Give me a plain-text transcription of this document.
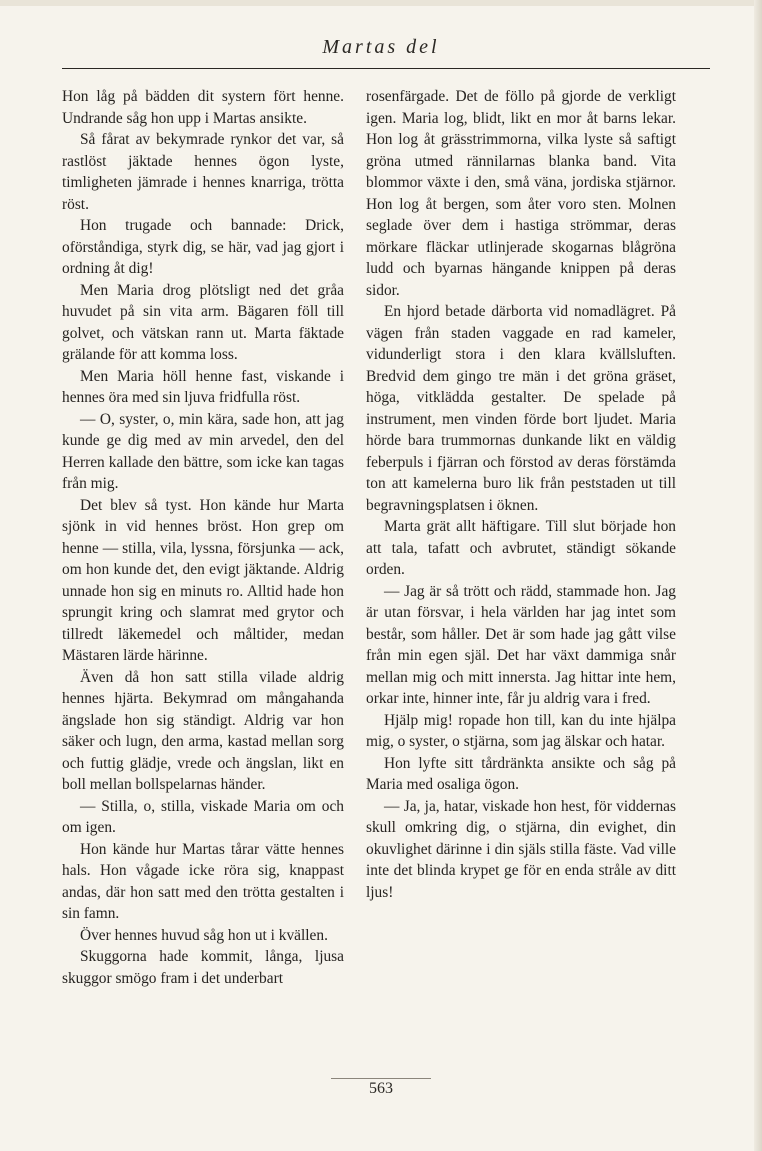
Martas del

Hon låg på bädden dit systern fört henne. Undrande såg hon upp i Martas ansikte.

Så fårat av bekymrade rynkor det var, så rastlöst jäktade hennes ögon lyste, timligheten jämrade i hennes knarriga, trötta röst.

Hon trugade och bannade: Drick, oförståndiga, styrk dig, se här, vad jag gjort i ordning åt dig!

Men Maria drog plötsligt ned det gråa huvudet på sin vita arm. Bägaren föll till golvet, och vätskan rann ut. Marta fäktade grälande för att komma loss.

Men Maria höll henne fast, viskande i hennes öra med sin ljuva fridfulla röst.

— O, syster, o, min kära, sade hon, att jag kunde ge dig med av min arvedel, den del Herren kallade den bättre, som icke kan tagas från mig.

Det blev så tyst. Hon kände hur Marta sjönk in vid hennes bröst. Hon grep om henne — stilla, vila, lyssna, försjunka — ack, om hon kunde det, den evigt jäktande. Aldrig unnade hon sig en minuts ro. Alltid hade hon sprungit kring och slamrat med grytor och tillredt läkemedel och måltider, medan Mästaren lärde härinne.

Även då hon satt stilla vilade aldrig hennes hjärta. Bekymrad om mångahanda ängslade hon sig ständigt. Aldrig var hon säker och lugn, den arma, kastad mellan sorg och futtig glädje, vrede och ängslan, likt en boll mellan bollspelarnas händer.

— Stilla, o, stilla, viskade Maria om och om igen.

Hon kände hur Martas tårar vätte hennes hals. Hon vågade icke röra sig, knappast andas, där hon satt med den trötta gestalten i sin famn.

Över hennes huvud såg hon ut i kvällen.

Skuggorna hade kommit, långa, ljusa skuggor smögo fram i det underbart

rosenfärgade. Det de föllo på gjorde de verkligt igen. Maria log, blidt, likt en mor åt barns lekar. Hon log åt grässtrimmorna, vilka lyste så saftigt gröna utmed rännilarnas blanka band. Vita blommor växte i den, små väna, jordiska stjärnor. Hon log åt bergen, som åter voro sten. Molnen seglade över dem i hastiga strömmar, deras mörkare fläckar utlinjerade skogarnas blågröna ludd och byarnas hängande knippen på deras sidor.

En hjord betade därborta vid nomadlägret. På vägen från staden vaggade en rad kameler, vidunderligt stora i den klara kvällsluften. Bredvid dem gingo tre män i det gröna gräset, höga, vitklädda gestalter. De spelade på instrument, men vinden förde bort ljudet. Maria hörde bara trummornas dunkande likt en väldig feberpuls i fjärran och förstod av deras förstämda ton att kamelerna buro lik från peststaden ut till begravningsplatsen i öknen.

Marta grät allt häftigare. Till slut började hon att tala, tafatt och avbrutet, ständigt sökande orden.

— Jag är så trött och rädd, stammade hon. Jag är utan försvar, i hela världen har jag intet som består, som håller. Det är som hade jag gått vilse från min egen själ. Det har växt dammiga snår mellan mig och mitt innersta. Jag hittar inte hem, orkar inte, hinner inte, får ju aldrig vara i fred.

Hjälp mig! ropade hon till, kan du inte hjälpa mig, o syster, o stjärna, som jag älskar och hatar.

Hon lyfte sitt tårdränkta ansikte och såg på Maria med osaliga ögon.

— Ja, ja, hatar, viskade hon hest, för viddernas skull omkring dig, o stjärna, din evighet, din okuvlighet därinne i din själs stilla fäste. Vad ville inte det blinda krypet ge för en enda stråle av ditt ljus!

563
